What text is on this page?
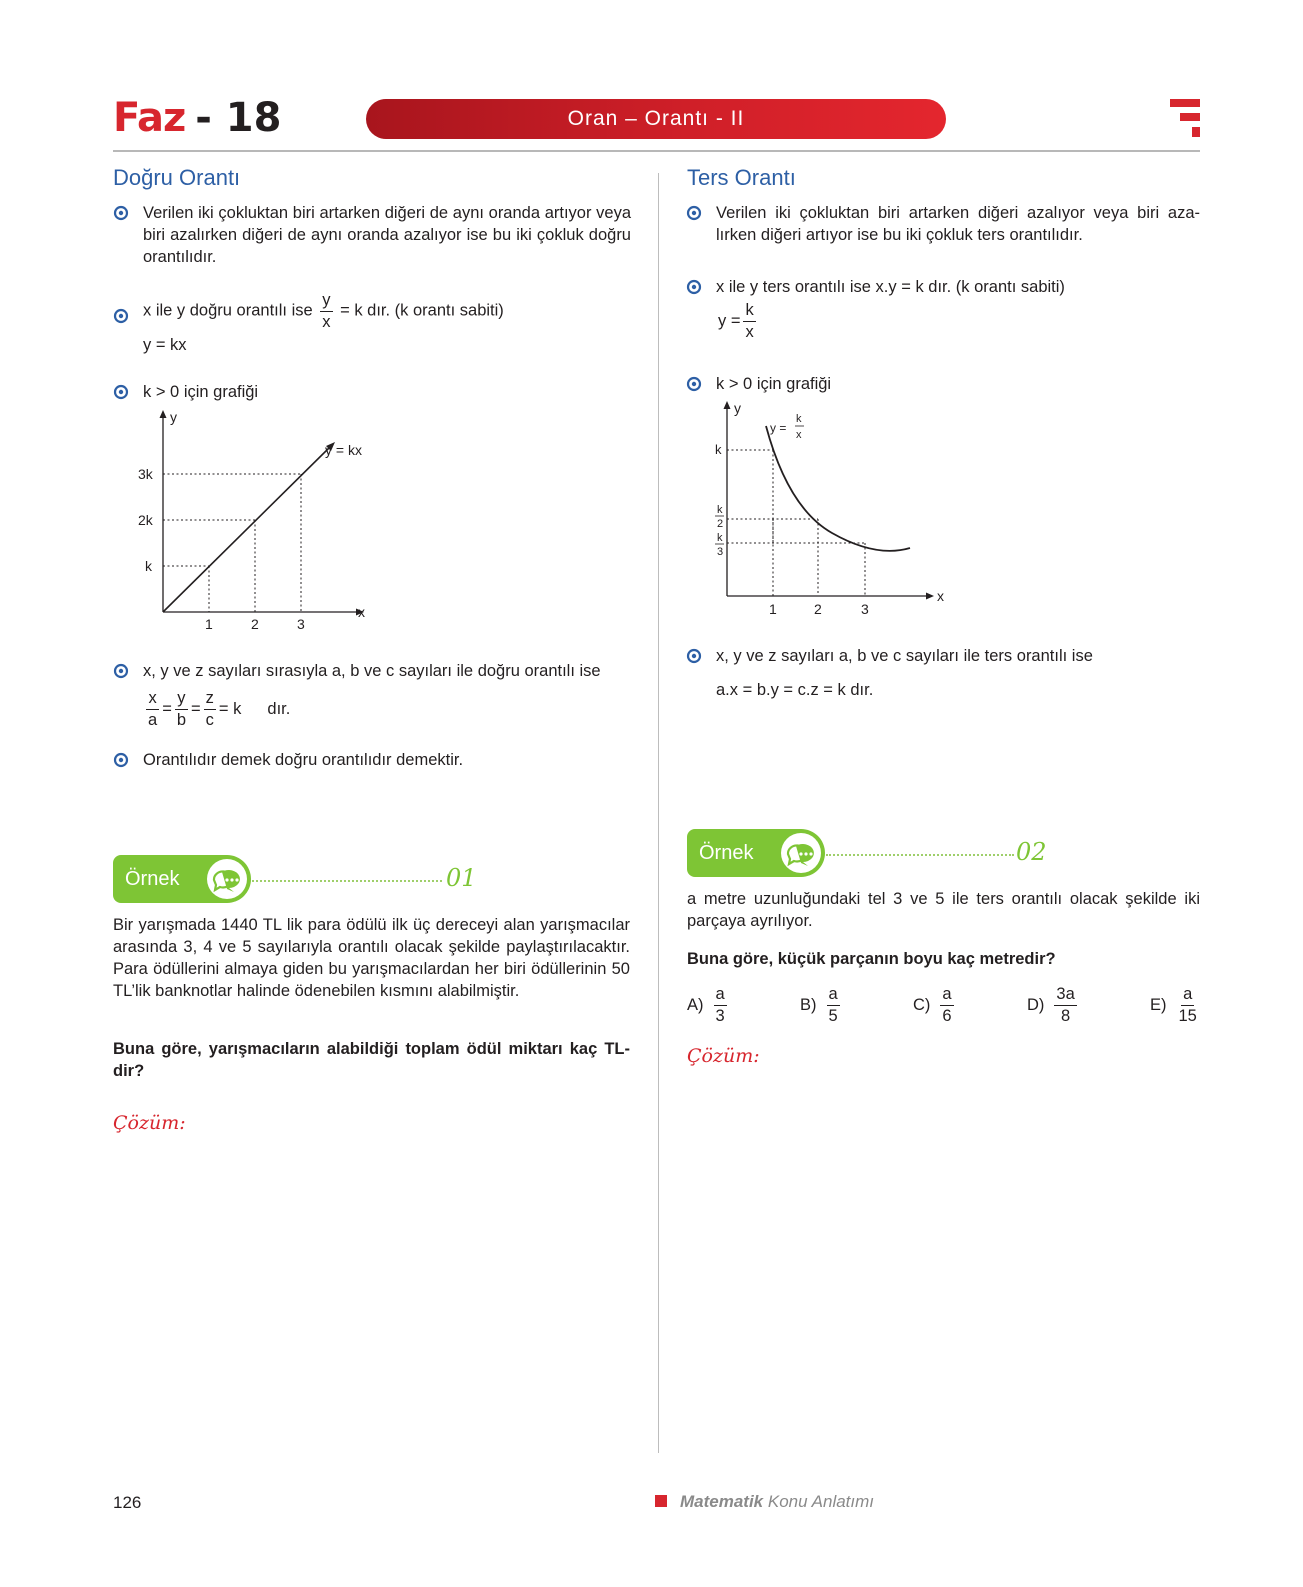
Faz - 18	Oran – Orantı - II
Doğru Orantı
Verilen iki çokluktan biri artarken diğeri de aynı oranda artıyor veya biri azalırken diğeri de aynı oranda azalıyor ise bu iki çokluk doğru orantılıdır.
x ile y doğru orantılı ise $\frac{y}{x} = k$ dır. (k orantı sabiti)
y = kx
k > 0 için grafiği
y
x
y = kx
k
2k
3k
1	2	3
x, y ve z sayıları sırasıyla a, b ve c sayıları ile doğru orantılı ise
$\frac{x}{a} = \frac{y}{b} = \frac{z}{c} = k$ dır.
Orantılıdır demek doğru orantılıdır demektir.
Örnek	01
Bir yarışmada 1440 TL lik para ödülü ilk üç dereceyi alan yarışmacılar arasında 3, 4 ve 5 sayılarıyla orantılı olacak şekilde paylaştırılacaktır. Para ödüllerini almaya giden bu yarışmacılardan her biri ödüllerinin 50 TL’lik banknotlar halinde ödenebilen kısmını alabilmiştir.
Buna göre, yarışmacıların alabildiği toplam ödül miktarı kaç TL-dir?
Çözüm:
Ters Orantı
Verilen iki çokluktan biri artarken diğeri azalıyor veya biri aza-lırken diğeri artıyor ise bu iki çokluk ters orantılıdır.
x ile y ters orantılı ise x.y = k dır. (k orantı sabiti)
$y = \frac{k}{x}$
k > 0 için grafiği
y
x
y =
k
x
k
k
2
k
3
1	2	3
x, y ve z sayıları a, b ve c sayıları ile ters orantılı ise
a.x = b.y = c.z = k dır.
Örnek	02
a metre uzunluğundaki tel 3 ve 5 ile ters orantılı olacak şekilde iki parçaya ayrılıyor.
Buna göre, küçük parçanın boyu kaç metredir?
$A) \frac{a}{3}$	$B) \frac{a}{5}$	$C) \frac{a}{6}$	$D) \frac{3a}{8}$	$E) \frac{a}{15}$
Çözüm:
126	Matematik Konu Anlatımı
